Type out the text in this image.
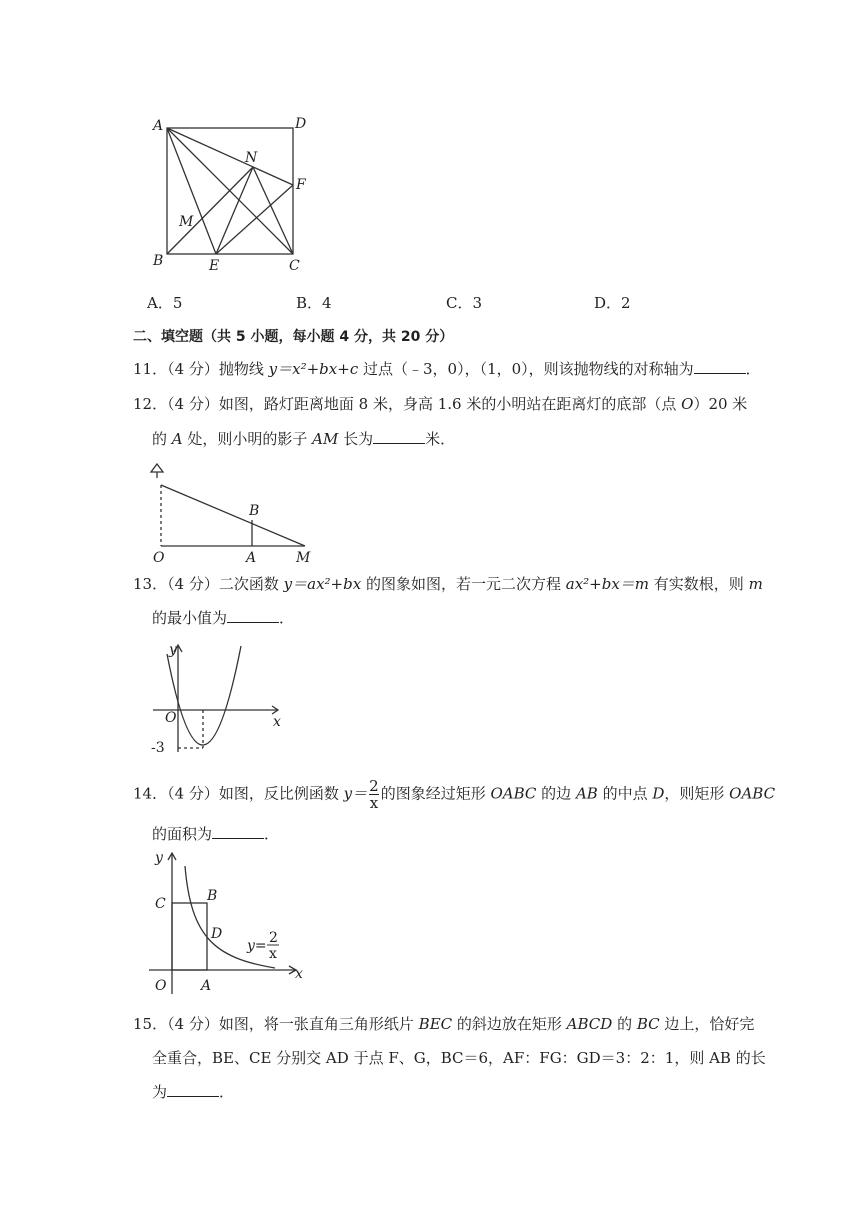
A	D
N
F
M
B	E	C
A．5	B．4	C．3	D．2
二、填空题（共 5 小题，每小题 4 分，共 20 分）
11．（4 分）抛物线 y＝x²+bx+c 过点（﹣3，0），（1，0），则该抛物线的对称轴为	．
12．（4 分）如图，路灯距离地面 8 米，身高 1.6 米的小明站在距离灯的底部（点 O）20 米
的 A 处，则小明的影子 AM 长为	米．
B
O	A	M
13．（4 分）二次函数 y＝ax²+bx 的图象如图，若一元二次方程 ax²+bx＝m 有实数根，则 m
的最小值为	．
y
O	x
-3
14．（4 分）如图，反比例函数 $y= \frac{2}{x}$ 的图象经过矩形 OABC 的边 AB 的中点 D，则矩形 OABC
的面积为	．
y
C	B
D
O A
x
y= 2
x
15．（4 分）如图，将一张直角三角形纸片 BEC 的斜边放在矩形 ABCD 的 BC 边上，恰好完
全重合，BE、CE 分别交 AD 于点 F、G，BC＝6，AF：FG：GD＝3：2：1，则 AB 的长
为	．
